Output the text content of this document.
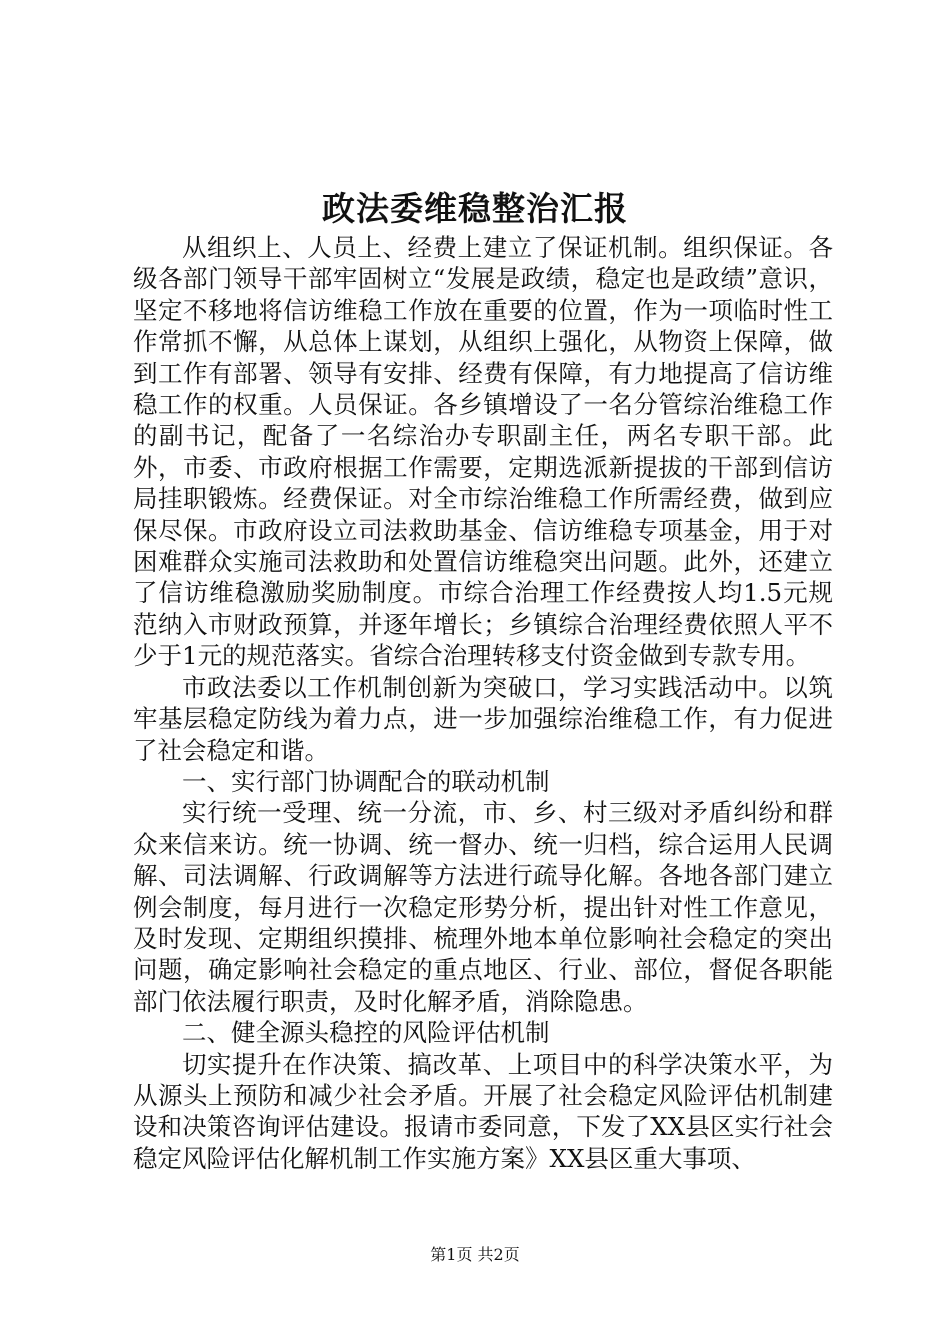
政法委维稳整治汇报

从组织上、人员上、经费上建立了保证机制。组织保证。各级各部门领导干部牢固树立“发展是政绩，稳定也是政绩”意识，坚定不移地将信访维稳工作放在重要的位置，作为一项临时性工作常抓不懈，从总体上谋划，从组织上强化，从物资上保障，做到工作有部署、领导有安排、经费有保障，有力地提高了信访维稳工作的权重。人员保证。各乡镇增设了一名分管综治维稳工作的副书记，配备了一名综治办专职副主任，两名专职干部。此外，市委、市政府根据工作需要，定期选派新提拔的干部到信访局挂职锻炼。经费保证。对全市综治维稳工作所需经费，做到应保尽保。市政府设立司法救助基金、信访维稳专项基金，用于对困难群众实施司法救助和处置信访维稳突出问题。此外，还建立了信访维稳激励奖励制度。市综合治理工作经费按人均1.5元规范纳入市财政预算，并逐年增长；乡镇综合治理经费依照人平不少于1元的规范落实。省综合治理转移支付资金做到专款专用。

市政法委以工作机制创新为突破口，学习实践活动中。以筑牢基层稳定防线为着力点，进一步加强综治维稳工作，有力促进了社会稳定和谐。

一、实行部门协调配合的联动机制

实行统一受理、统一分流，市、乡、村三级对矛盾纠纷和群众来信来访。统一协调、统一督办、统一归档，综合运用人民调解、司法调解、行政调解等方法进行疏导化解。各地各部门建立例会制度，每月进行一次稳定形势分析，提出针对性工作意见，及时发现、定期组织摸排、梳理外地本单位影响社会稳定的突出问题，确定影响社会稳定的重点地区、行业、部位，督促各职能部门依法履行职责，及时化解矛盾，消除隐患。

二、健全源头稳控的风险评估机制

切实提升在作决策、搞改革、上项目中的科学决策水平，为从源头上预防和减少社会矛盾。开展了社会稳定风险评估机制建设和决策咨询评估建设。报请市委同意，下发了XX县区实行社会稳定风险评估化解机制工作实施方案》XX县区重大事项、

第1页 共2页
